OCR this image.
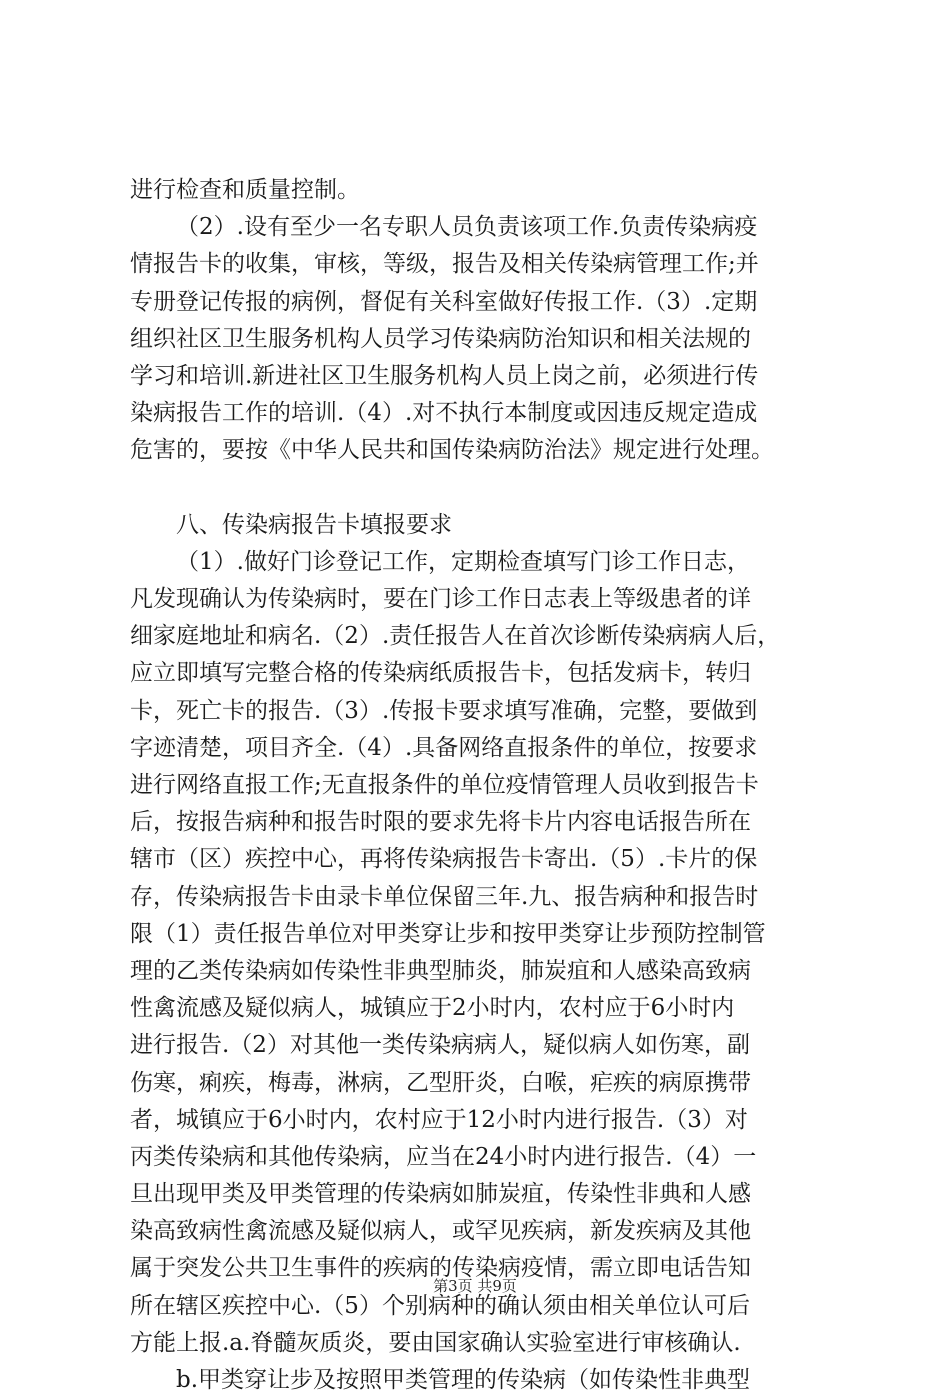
进行检查和质量控制。
（2）.设有至少一名专职人员负责该项工作.负责传染病疫
情报告卡的收集，审核，等级，报告及相关传染病管理工作;并
专册登记传报的病例，督促有关科室做好传报工作.（3）.定期
组织社区卫生服务机构人员学习传染病防治知识和相关法规的
学习和培训.新进社区卫生服务机构人员上岗之前，必须进行传
染病报告工作的培训.（4）.对不执行本制度或因违反规定造成
危害的，要按《中华人民共和国传染病防治法》规定进行处理。
八、传染病报告卡填报要求
（1）.做好门诊登记工作，定期检查填写门诊工作日志，
凡发现确认为传染病时，要在门诊工作日志表上等级患者的详
细家庭地址和病名.（2）.责任报告人在首次诊断传染病病人后，
应立即填写完整合格的传染病纸质报告卡，包括发病卡，转归
卡，死亡卡的报告.（3）.传报卡要求填写准确，完整，要做到
字迹清楚，项目齐全.（4）.具备网络直报条件的单位，按要求
进行网络直报工作;无直报条件的单位疫情管理人员收到报告卡
后，按报告病种和报告时限的要求先将卡片内容电话报告所在
辖市（区）疾控中心，再将传染病报告卡寄出.（5）.卡片的保
存，传染病报告卡由录卡单位保留三年.九、报告病种和报告时
限（1）责任报告单位对甲类穿让步和按甲类穿让步预防控制管
理的乙类传染病如传染性非典型肺炎，肺炭疽和人感染高致病
性禽流感及疑似病人，城镇应于2小时内，农村应于6小时内
进行报告.（2）对其他一类传染病病人，疑似病人如伤寒，副
伤寒，痢疾，梅毒，淋病，乙型肝炎，白喉，疟疾的病原携带
者，城镇应于6小时内，农村应于12小时内进行报告.（3）对
丙类传染病和其他传染病，应当在24小时内进行报告.（4）一
旦出现甲类及甲类管理的传染病如肺炭疽，传染性非典和人感
染高致病性禽流感及疑似病人，或罕见疾病，新发疾病及其他
属于突发公共卫生事件的疾病的传染病疫情，需立即电话告知
所在辖区疾控中心.（5）个别病种的确认须由相关单位认可后
方能上报.a.脊髓灰质炎，要由国家确认实验室进行审核确认.
b.甲类穿让步及按照甲类管理的传染病（如传染性非典型
第3页 共9页
